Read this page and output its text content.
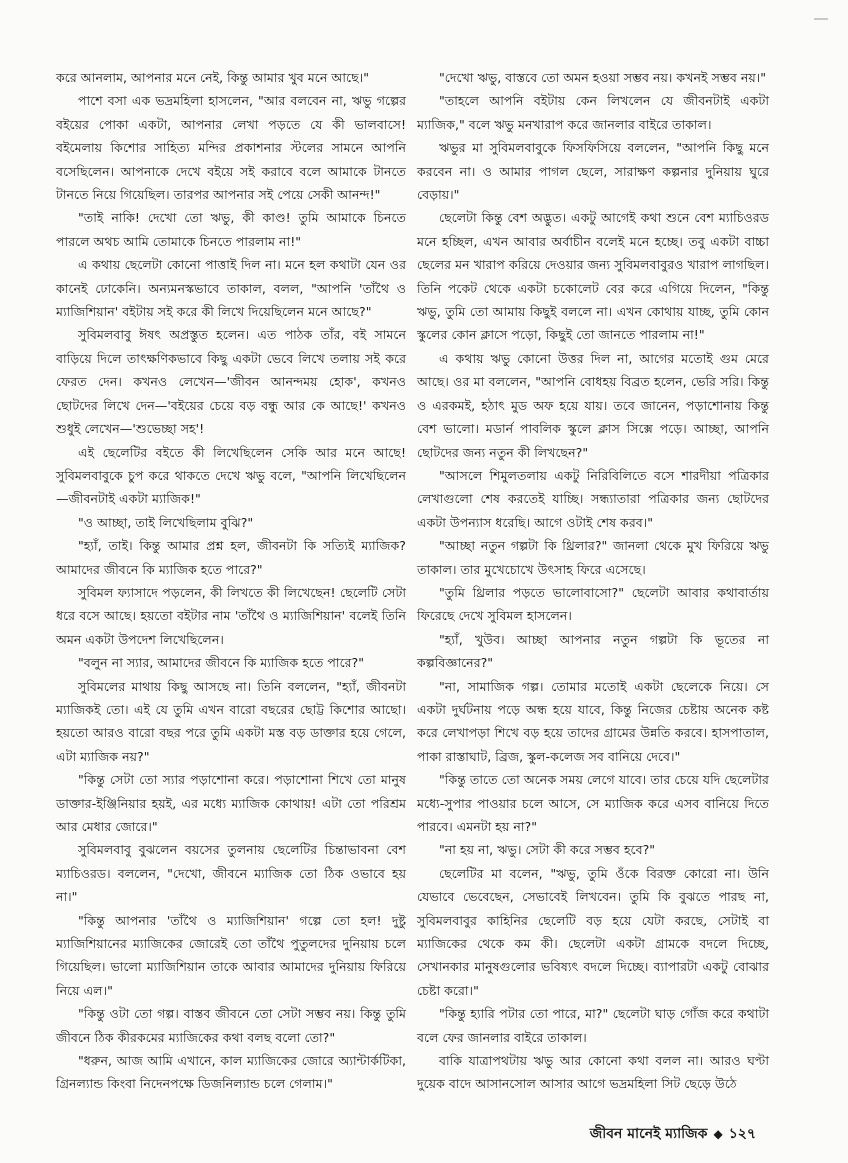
করে আনলাম, আপনার মনে নেই, কিন্তু আমার খুব মনে আছে।"

পাশে বসা এক ভদ্রমহিলা হাসলেন, "আর বলবেন না, ঋভু গল্পের বইয়ের পোকা একটা, আপনার লেখা পড়তে যে কী ভালবাসে! বইমেলায় কিশোর সাহিত্য মন্দির প্রকাশনার স্টলের সামনে আপনি বসেছিলেন। আপনাকে দেখে বইয়ে সই করাবে বলে আমাকে টানতে টানতে নিয়ে গিয়েছিল। তারপর আপনার সই পেয়ে সেকী আনন্দ!"

"তাই নাকি! দেখো তো ঋভু, কী কাণ্ড! তুমি আমাকে চিনতে পারলে অথচ আমি তোমাকে চিনতে পারলাম না!"

এ কথায় ছেলেটা কোনো পাত্তাই দিল না। মনে হল কথাটা যেন ওর কানেই ঢোকেনি। অন্যমনস্কভাবে তাকাল, বলল, "আপনি 'তাঁথৈ ও ম্যাজিশিয়ান' বইটায় সই করে কী লিখে দিয়েছিলেন মনে আছে?"

সুবিমলবাবু ঈষৎ অপ্রস্তুত হলেন। এত পাঠক তাঁর, বই সামনে বাড়িয়ে দিলে তাৎক্ষণিকভাবে কিছু একটা ভেবে লিখে তলায় সই করে ফেরত দেন। কখনও লেখেন—'জীবন আনন্দময় হোক', কখনও ছোটদের লিখে দেন—'বইয়ের চেয়ে বড় বন্ধু আর কে আছে!' কখনও শুধুই লেখেন—'শুভেচ্ছা সহ'!

এই ছেলেটির বইতে কী লিখেছিলেন সেকি আর মনে আছে! সুবিমলবাবুকে চুপ করে থাকতে দেখে ঋভু বলে, "আপনি লিখেছিলেন—জীবনটাই একটা ম্যাজিক!"

"ও আচ্ছা, তাই লিখেছিলাম বুঝি?"

"হ্যাঁ, তাই। কিন্তু আমার প্রশ্ন হল, জীবনটা কি সত্যিই ম্যাজিক? আমাদের জীবনে কি ম্যাজিক হতে পারে?"

সুবিমল ফ্যাসাদে পড়লেন, কী লিখতে কী লিখেছেন! ছেলেটি সেটা ধরে বসে আছে। হয়তো বইটার নাম 'তাঁথৈ ও ম্যাজিশিয়ান' বলেই তিনি অমন একটা উপদেশ লিখেছিলেন।

"বলুন না স্যার, আমাদের জীবনে কি ম্যাজিক হতে পারে?"

সুবিমলের মাথায় কিছু আসছে না। তিনি বললেন, "হ্যাঁ, জীবনটা ম্যাজিকই তো। এই যে তুমি এখন বারো বছরের ছোট্ট কিশোর আছো। হয়তো আরও বারো বছর পরে তুমি একটা মস্ত বড় ডাক্তার হয়ে গেলে, এটা ম্যাজিক নয়?"

"কিন্তু সেটা তো স্যার পড়াশোনা করে। পড়াশোনা শিখে তো মানুষ ডাক্তার-ইঞ্জিনিয়ার হয়ই, এর মধ্যে ম্যাজিক কোথায়! এটা তো পরিশ্রম আর মেধার জোরে।"

সুবিমলবাবু বুঝলেন বয়সের তুলনায় ছেলেটির চিন্তাভাবনা বেশ ম্যাচিওরড। বললেন, "দেখো, জীবনে ম্যাজিক তো ঠিক ওভাবে হয় না।"

"কিন্তু আপনার 'তাঁথৈ ও ম্যাজিশিয়ান' গল্পে তো হল! দুষ্টু ম্যাজিশিয়ানের ম্যাজিকের জোরেই তো তাঁথৈ পুতুলদের দুনিয়ায় চলে গিয়েছিল। ভালো ম্যাজিশিয়ান তাকে আবার আমাদের দুনিয়ায় ফিরিয়ে নিয়ে এল।"

"কিন্তু ওটা তো গল্প। বাস্তব জীবনে তো সেটা সম্ভব নয়। কিন্তু তুমি জীবনে ঠিক কীরকমের ম্যাজিকের কথা বলছ বলো তো?"

"ধরুন, আজ আমি এখানে, কাল ম্যাজিকের জোরে অ্যান্টার্কটিকা, গ্রিনল্যান্ড কিংবা নিদেনপক্ষে ডিজনিল্যান্ড চলে গেলাম।"

"দেখো ঋভু, বাস্তবে তো অমন হওয়া সম্ভব নয়। কখনই সম্ভব নয়।"

"তাহলে আপনি বইটায় কেন লিখলেন যে জীবনটাই একটা ম্যাজিক," বলে ঋভু মনখারাপ করে জানলার বাইরে তাকাল।

ঋভুর মা সুবিমলবাবুকে ফিসফিসিয়ে বললেন, "আপনি কিছু মনে করবেন না। ও আমার পাগল ছেলে, সারাক্ষণ কল্পনার দুনিয়ায় ঘুরে বেড়ায়।"

ছেলেটা কিন্তু বেশ অদ্ভুত। একটু আগেই কথা শুনে বেশ ম্যাচিওরড মনে হচ্ছিল, এখন আবার অর্বাচীন বলেই মনে হচ্ছে। তবু একটা বাচ্চা ছেলের মন খারাপ করিয়ে দেওয়ার জন্য সুবিমলবাবুরও খারাপ লাগছিল। তিনি পকেট থেকে একটা চকোলেট বের করে এগিয়ে দিলেন, "কিন্তু ঋভু, তুমি তো আমায় কিছুই বললে না। এখন কোথায় যাচ্ছ, তুমি কোন স্কুলের কোন ক্লাসে পড়ো, কিছুই তো জানতে পারলাম না!"

এ কথায় ঋভু কোনো উত্তর দিল না, আগের মতোই গুম মেরে আছে। ওর মা বললেন, "আপনি বোধহয় বিব্রত হলেন, ভেরি সরি। কিন্তু ও এরকমই, হঠাৎ মুড অফ হয়ে যায়। তবে জানেন, পড়াশোনায় কিন্তু বেশ ভালো। মডার্ন পাবলিক স্কুলে ক্লাস সিক্সে পড়ে। আচ্ছা, আপনি ছোটদের জন্য নতুন কী লিখছেন?"

"আসলে শিমুলতলায় একটু নিরিবিলিতে বসে শারদীয়া পত্রিকার লেখাগুলো শেষ করতেই যাচ্ছি। সন্ধ্যাতারা পত্রিকার জন্য ছোটদের একটা উপন্যাস ধরেছি। আগে ওটাই শেষ করব।"

"আচ্ছা নতুন গল্পটা কি থ্রিলার?" জানলা থেকে মুখ ফিরিয়ে ঋভু তাকাল। তার মুখেচোখে উৎসাহ ফিরে এসেছে।

"তুমি থ্রিলার পড়তে ভালোবাসো?" ছেলেটা আবার কথাবার্তায় ফিরেছে দেখে সুবিমল হাসলেন।

"হ্যাঁ, খুউব। আচ্ছা আপনার নতুন গল্পটা কি ভূতের না কল্পবিজ্ঞানের?"

"না, সামাজিক গল্প। তোমার মতোই একটা ছেলেকে নিয়ে। সে একটা দুর্ঘটনায় পড়ে অন্ধ হয়ে যাবে, কিন্তু নিজের চেষ্টায় অনেক কষ্ট করে লেখাপড়া শিখে বড় হয়ে তাদের গ্রামের উন্নতি করবে। হাসপাতাল, পাকা রাস্তাঘাট, ব্রিজ, স্কুল-কলেজ সব বানিয়ে দেবে।"

"কিন্তু তাতে তো অনেক সময় লেগে যাবে। তার চেয়ে যদি ছেলেটার মধ্যে-সুপার পাওয়ার চলে আসে, সে ম্যাজিক করে এসব বানিয়ে দিতে পারবে। এমনটা হয় না?"

"না হয় না, ঋভু। সেটা কী করে সম্ভব হবে?"

ছেলেটির মা বলেন, "ঋভু, তুমি ওঁকে বিরক্ত কোরো না। উনি যেভাবে ভেবেছেন, সেভাবেই লিখবেন। তুমি কি বুঝতে পারছ না, সুবিমলবাবুর কাহিনির ছেলেটি বড় হয়ে যেটা করছে, সেটাই বা ম্যাজিকের থেকে কম কী। ছেলেটা একটা গ্রামকে বদলে দিচ্ছে, সেখানকার মানুষগুলোর ভবিষ্যৎ বদলে দিচ্ছে। ব্যাপারটা একটু বোঝার চেষ্টা করো।"

"কিন্তু হ্যারি পটার তো পারে, মা?" ছেলেটা ঘাড় গোঁজ করে কথাটা বলে ফের জানলার বাইরে তাকাল।

বাকি যাত্রাপথটায় ঋভু আর কোনো কথা বলল না। আরও ঘণ্টা দুয়েক বাদে আসানসোল আসার আগে ভদ্রমহিলা সিট ছেড়ে উঠে

জীবন মানেই ম্যাজিক ◆ ১২৭
